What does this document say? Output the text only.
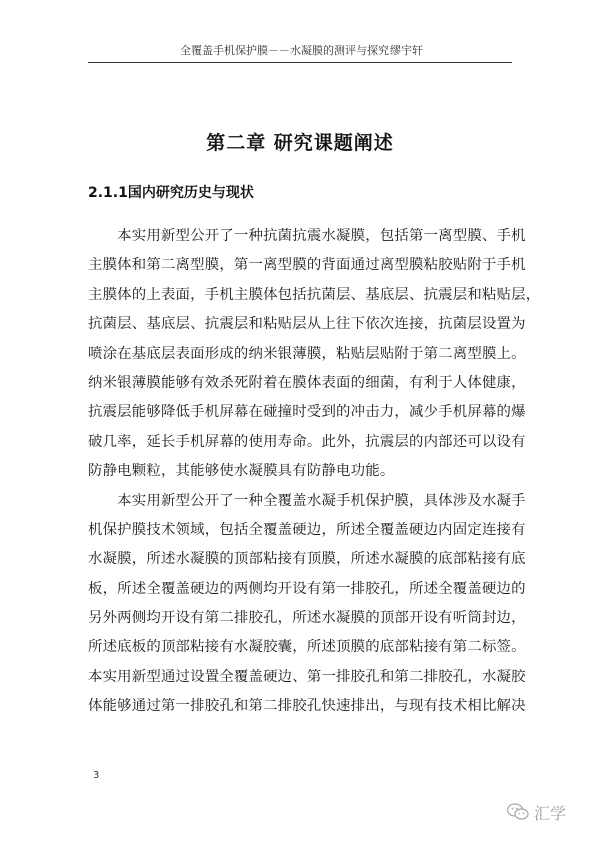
全覆盖手机保护膜－－水凝膜的测评与探究 缪宇轩
第二章 研究课题阐述
2.1.1国内研究历史与现状
　　本实用新型公开了一种抗菌抗震水凝膜，包括第一离型膜、手机
主膜体和第二离型膜，第一离型膜的背面通过离型膜粘胶贴附于手机
主膜体的上表面，手机主膜体包括抗菌层、基底层、抗震层和粘贴层，
抗菌层、基底层、抗震层和粘贴层从上往下依次连接，抗菌层设置为
喷涂在基底层表面形成的纳米银薄膜，粘贴层贴附于第二离型膜上。
纳米银薄膜能够有效杀死附着在膜体表面的细菌，有利于人体健康，
抗震层能够降低手机屏幕在碰撞时受到的冲击力，减少手机屏幕的爆
破几率，延长手机屏幕的使用寿命。此外，抗震层的内部还可以设有
防静电颗粒，其能够使水凝膜具有防静电功能。
　　本实用新型公开了一种全覆盖水凝手机保护膜，具体涉及水凝手
机保护膜技术领域，包括全覆盖硬边，所述全覆盖硬边内固定连接有
水凝膜，所述水凝膜的顶部粘接有顶膜，所述水凝膜的底部粘接有底
板，所述全覆盖硬边的两侧均开设有第一排胶孔，所述全覆盖硬边的
另外两侧均开设有第二排胶孔，所述水凝膜的顶部开设有听筒封边，
所述底板的顶部粘接有水凝胶囊，所述顶膜的底部粘接有第二标签。
本实用新型通过设置全覆盖硬边、第一排胶孔和第二排胶孔，水凝胶
体能够通过第一排胶孔和第二排胶孔快速排出，与现有技术相比解决
3
汇学
